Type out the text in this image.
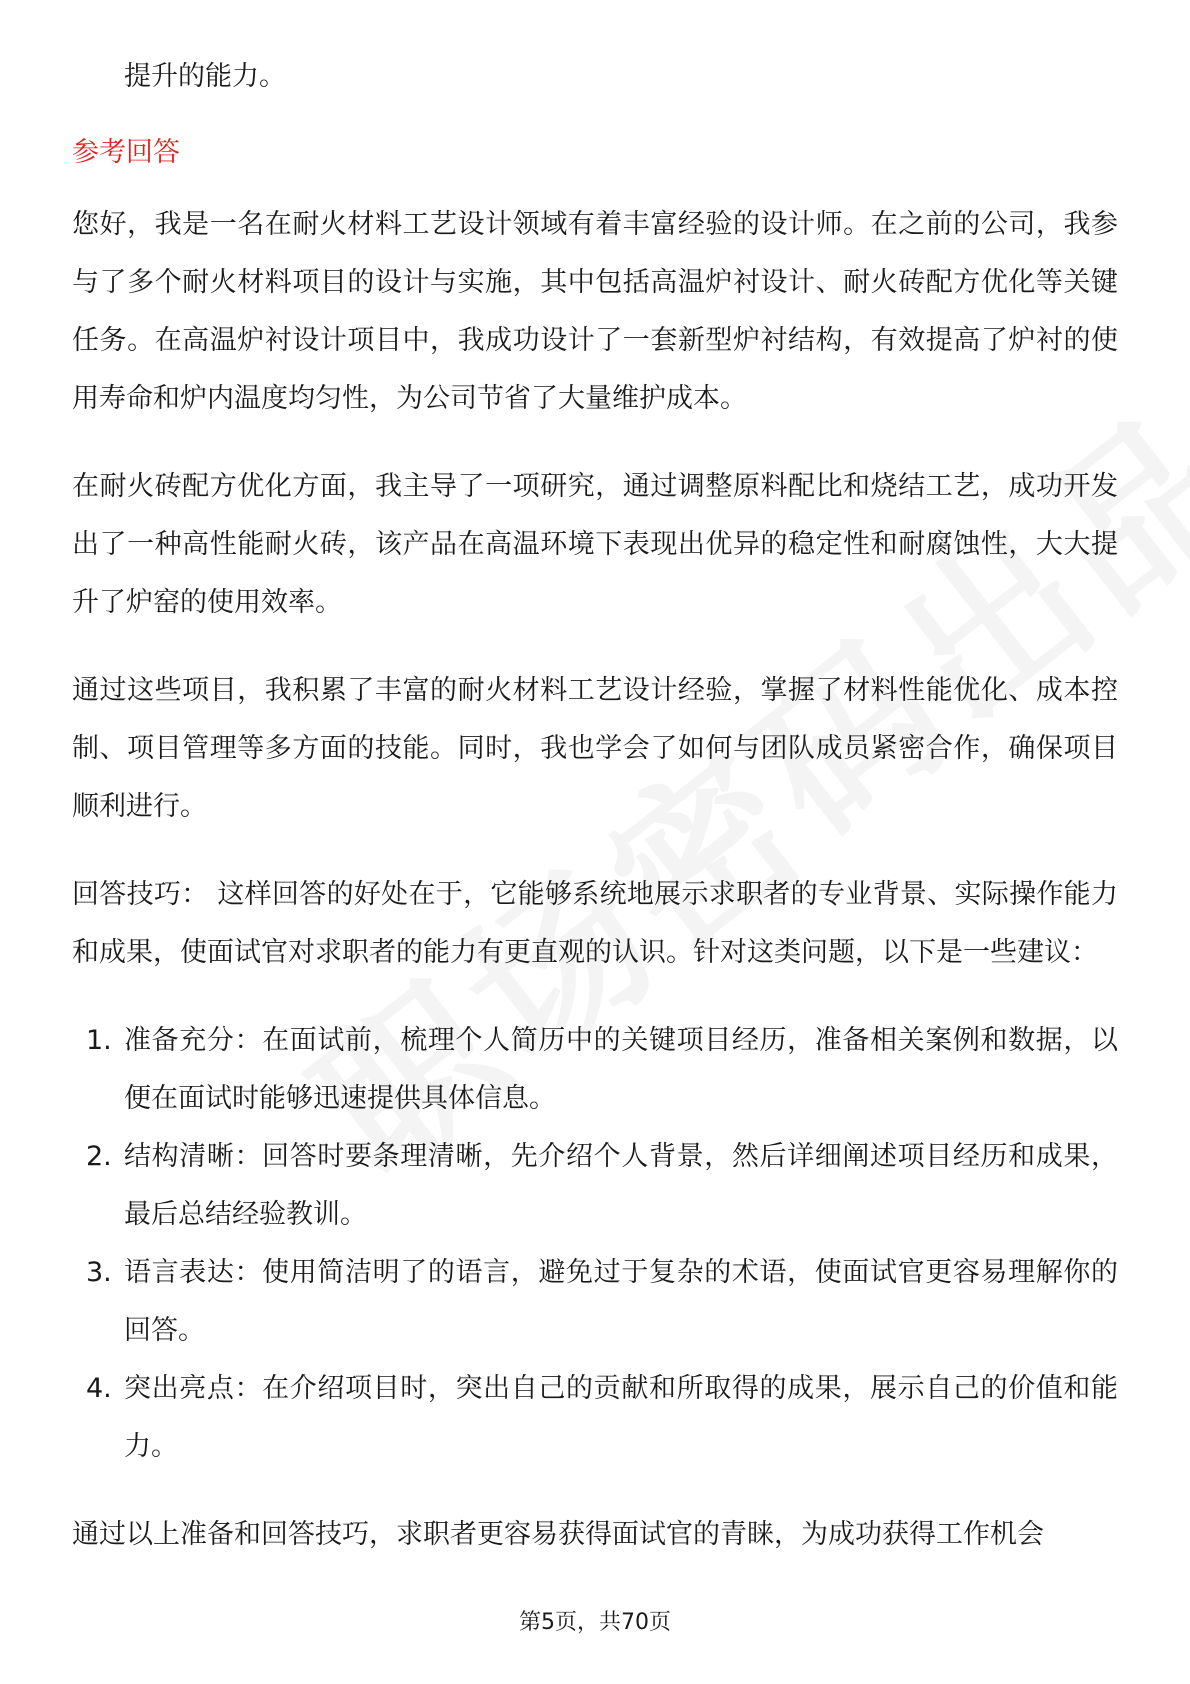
提升的能力。

参考回答

您好，我是一名在耐火材料工艺设计领域有着丰富经验的设计师。在之前的公司，我参与了多个耐火材料项目的设计与实施，其中包括高温炉衬设计、耐火砖配方优化等关键任务。在高温炉衬设计项目中，我成功设计了一套新型炉衬结构，有效提高了炉衬的使用寿命和炉内温度均匀性，为公司节省了大量维护成本。

在耐火砖配方优化方面，我主导了一项研究，通过调整原料配比和烧结工艺，成功开发出了一种高性能耐火砖，该产品在高温环境下表现出优异的稳定性和耐腐蚀性，大大提升了炉窑的使用效率。

通过这些项目，我积累了丰富的耐火材料工艺设计经验，掌握了材料性能优化、成本控制、项目管理等多方面的技能。同时，我也学会了如何与团队成员紧密合作，确保项目顺利进行。

回答技巧： 这样回答的好处在于，它能够系统地展示求职者的专业背景、实际操作能力和成果，使面试官对求职者的能力有更直观的认识。针对这类问题，以下是一些建议：

1. 准备充分：在面试前，梳理个人简历中的关键项目经历，准备相关案例和数据，以便在面试时能够迅速提供具体信息。
2. 结构清晰：回答时要条理清晰，先介绍个人背景，然后详细阐述项目经历和成果，最后总结经验教训。
3. 语言表达：使用简洁明了的语言，避免过于复杂的术语，使面试官更容易理解你的回答。
4. 突出亮点：在介绍项目时，突出自己的贡献和所取得的成果，展示自己的价值和能力。

通过以上准备和回答技巧，求职者更容易获得面试官的青睐，为成功获得工作机会

第5页，共70页
